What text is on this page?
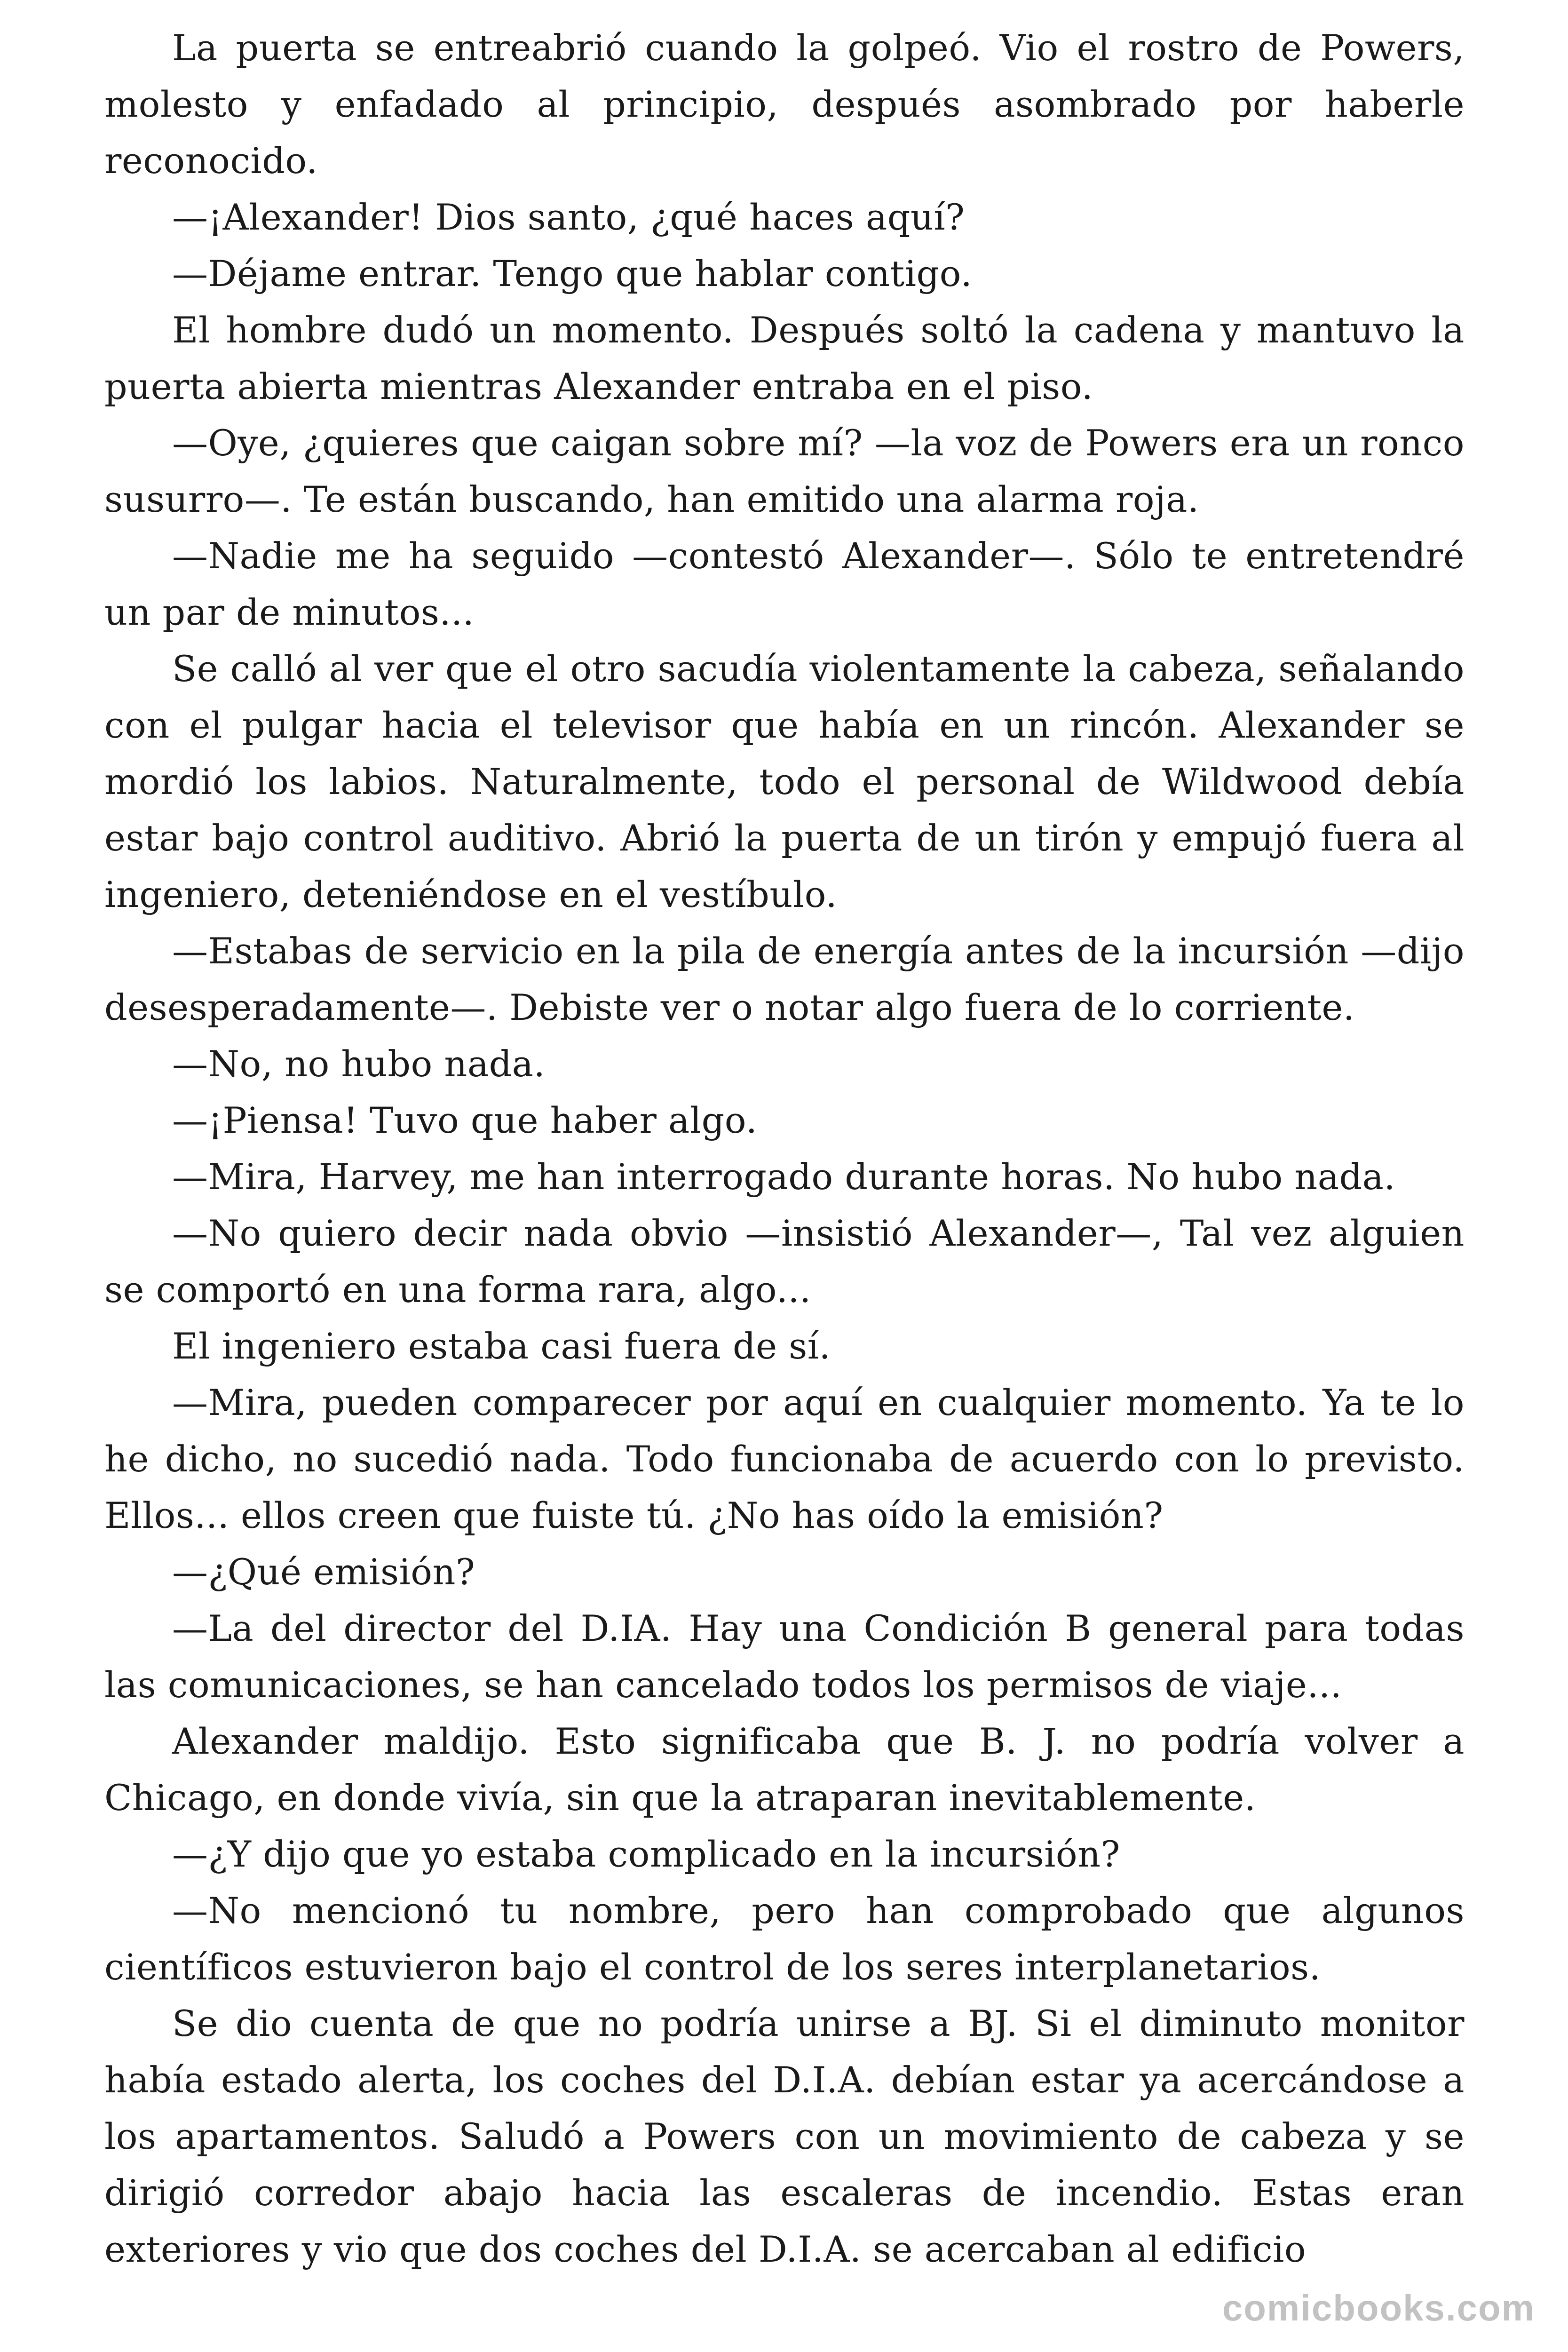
La puerta se entreabrió cuando la golpeó. Vio el rostro de Powers, molesto y enfadado al principio, después asombrado por haberle reconocido.

—¡Alexander! Dios santo, ¿qué haces aquí?

—Déjame entrar. Tengo que hablar contigo.

El hombre dudó un momento. Después soltó la cadena y mantuvo la puerta abierta mientras Alexander entraba en el piso.

—Oye, ¿quieres que caigan sobre mí? —la voz de Powers era un ronco susurro—. Te están buscando, han emitido una alarma roja.

—Nadie me ha seguido —contestó Alexander—. Sólo te entretendré un par de minutos...

Se calló al ver que el otro sacudía violentamente la cabeza, señalando con el pulgar hacia el televisor que había en un rincón. Alexander se mordió los labios. Naturalmente, todo el personal de Wildwood debía estar bajo control auditivo. Abrió la puerta de un tirón y empujó fuera al ingeniero, deteniéndose en el vestíbulo.

—Estabas de servicio en la pila de energía antes de la incursión —dijo desesperadamente—. Debiste ver o notar algo fuera de lo corriente.

—No, no hubo nada.

—¡Piensa! Tuvo que haber algo.

—Mira, Harvey, me han interrogado durante horas. No hubo nada.

—No quiero decir nada obvio —insistió Alexander—, Tal vez alguien se comportó en una forma rara, algo...

El ingeniero estaba casi fuera de sí.

—Mira, pueden comparecer por aquí en cualquier momento. Ya te lo he dicho, no sucedió nada. Todo funcionaba de acuerdo con lo previsto. Ellos... ellos creen que fuiste tú. ¿No has oído la emisión?

—¿Qué emisión?

—La del director del D.IA. Hay una Condición B general para todas las comunicaciones, se han cancelado todos los permisos de viaje...

Alexander maldijo. Esto significaba que B. J. no podría volver a Chicago, en donde vivía, sin que la atraparan inevitablemente.

—¿Y dijo que yo estaba complicado en la incursión?

—No mencionó tu nombre, pero han comprobado que algunos científicos estuvieron bajo el control de los seres interplanetarios.

Se dio cuenta de que no podría unirse a BJ. Si el diminuto monitor había estado alerta, los coches del D.I.A. debían estar ya acercándose a los apartamentos. Saludó a Powers con un movimiento de cabeza y se dirigió corredor abajo hacia las escaleras de incendio. Estas eran exteriores y vio que dos coches del D.I.A. se acercaban al edificio

comicbooks.com
